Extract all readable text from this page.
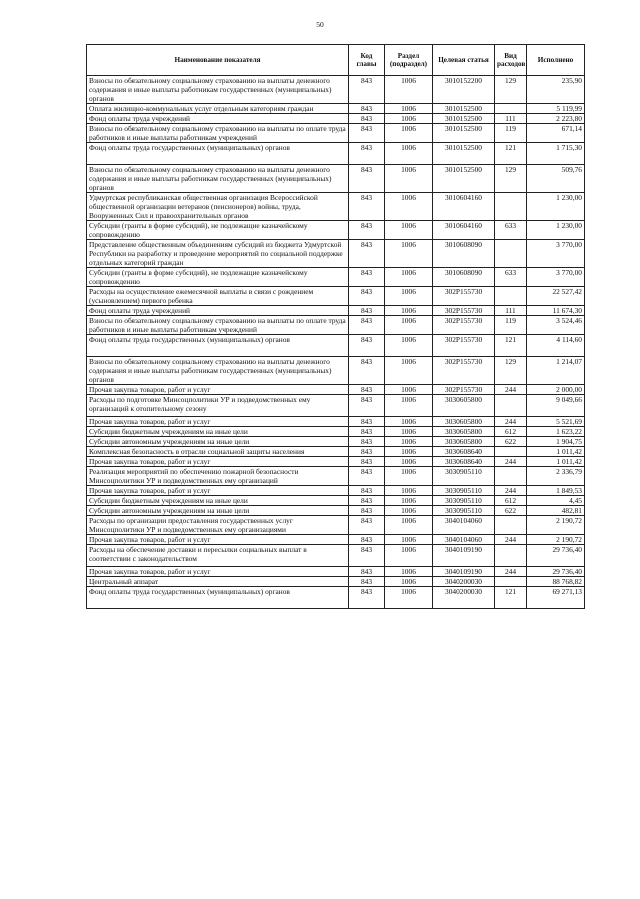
50
Наименование показателя	Код главы	Раздел (подраздел)	Целевая статья	Вид расходов	Исполнено
Взносы по обязательному социальному страхованию на выплаты денежного содержания и иные выплаты работникам государственных (муниципальных) органов	843	1006	3010152200	129	235,90
Оплата жилищно-коммунальных услуг отдельным категориям граждан	843	1006	3010152500		5 119,99
Фонд оплаты труда учреждений	843	1006	3010152500	111	2 223,80
Взносы по обязательному социальному страхованию на выплаты по оплате труда работников и иные выплаты работникам учреждений	843	1006	3010152500	119	671,14
Фонд оплаты труда государственных (муниципальных) органов	843	1006	3010152500	121	1 715,30
Взносы по обязательному социальному страхованию на выплаты денежного содержания и иные выплаты работникам государственных (муниципальных) органов	843	1006	3010152500	129	509,76
Удмуртская республиканская общественная организация Всероссийской общественной организации ветеранов (пенсионеров) войны, труда, Вооруженных Сил и правоохранительных органов	843	1006	3010604160		1 230,00
Субсидии (гранты в форме субсидий), не подлежащие казначейскому сопровождению	843	1006	3010604160	633	1 230,00
Представление общественным объединениям субсидий из бюджета Удмуртской Республики на разработку и проведение мероприятий по социальной поддержке отдельных категорий граждан	843	1006	3010608090		3 770,00
Субсидии (гранты в форме субсидий), не подлежащие казначейскому сопровождению	843	1006	3010608090	633	3 770,00
Расходы на осуществление ежемесячной выплаты в связи с рождением (усыновлением) первого ребенка	843	1006	302P155730		22 527,42
Фонд оплаты труда учреждений	843	1006	302P155730	111	11 674,30
Взносы по обязательному социальному страхованию на выплаты по оплате труда работников и иные выплаты работникам учреждений	843	1006	302P155730	119	3 524,46
Фонд оплаты труда государственных (муниципальных) органов	843	1006	302P155730	121	4 114,60
Взносы по обязательному социальному страхованию на выплаты денежного содержания и иные выплаты работникам государственных (муниципальных) органов	843	1006	302P155730	129	1 214,07
Прочая закупка товаров, работ и услуг	843	1006	302P155730	244	2 000,00
Расходы по подготовке Минсоцполитики УР и подведомственных ему организаций к отопительному сезону	843	1006	3030605800		9 049,66
Прочая закупка товаров, работ и услуг	843	1006	3030605800	244	5 521,69
Субсидии бюджетным учреждениям на иные цели	843	1006	3030605800	612	1 623,22
Субсидии автономным учреждениям на иные цели	843	1006	3030605800	622	1 904,75
Комплексная безопасность в отрасли социальной защиты населения	843	1006	3030608640		1 011,42
Прочая закупка товаров, работ и услуг	843	1006	3030608640	244	1 011,42
Реализация мероприятий по обеспечению пожарной безопасности Минсоцполитики УР и подведомственных ему организаций	843	1006	3030905110		2 336,79
Прочая закупка товаров, работ и услуг	843	1006	3030905110	244	1 849,53
Субсидии бюджетным учреждениям на иные цели	843	1006	3030905110	612	4,45
Субсидии автономным учреждениям на иные цели	843	1006	3030905110	622	482,81
Расходы по организации предоставления государственных услуг Минсоцполитики УР и подведомственных ему организациями	843	1006	3040104060		2 190,72
Прочая закупка товаров, работ и услуг	843	1006	3040104060	244	2 190,72
Расходы на обеспечение доставки и пересылки социальных выплат в соответствии с законодательством	843	1006	3040109190		29 736,40
Прочая закупка товаров, работ и услуг	843	1006	3040109190	244	29 736,40
Центральный аппарат	843	1006	3040200030		88 768,82
Фонд оплаты труда государственных (муниципальных) органов	843	1006	3040200030	121	69 271,13
